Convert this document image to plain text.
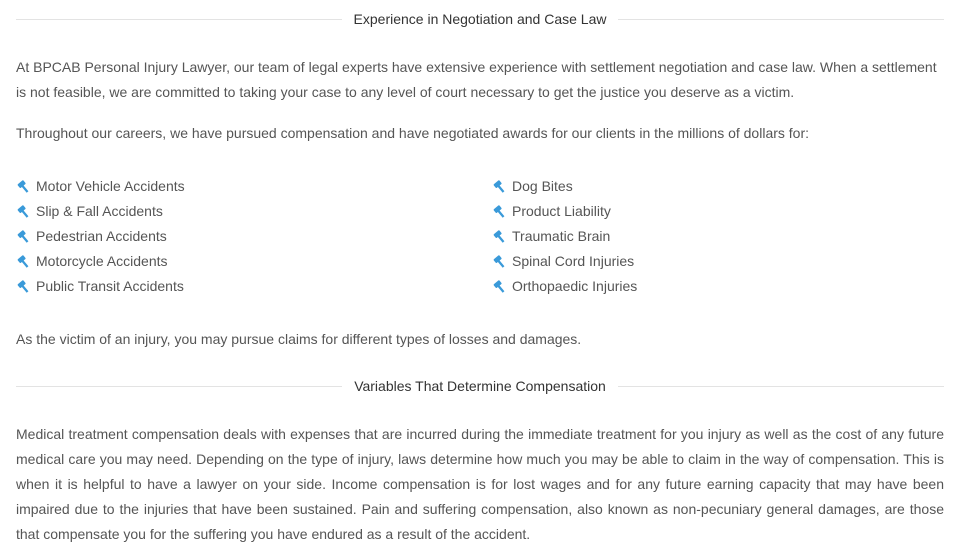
Experience in Negotiation and Case Law

At BPCAB Personal Injury Lawyer, our team of legal experts have extensive experience with settlement negotiation and case law. When a settlement is not feasible, we are committed to taking your case to any level of court necessary to get the justice you deserve as a victim.

Throughout our careers, we have pursued compensation and have negotiated awards for our clients in the millions of dollars for:

Motor Vehicle Accidents
Slip & Fall Accidents
Pedestrian Accidents
Motorcycle Accidents
Public Transit Accidents
Dog Bites
Product Liability
Traumatic Brain
Spinal Cord Injuries
Orthopaedic Injuries

As the victim of an injury, you may pursue claims for different types of losses and damages.

Variables That Determine Compensation

Medical treatment compensation deals with expenses that are incurred during the immediate treatment for you injury as well as the cost of any future medical care you may need. Depending on the type of injury, laws determine how much you may be able to claim in the way of compensation. This is when it is helpful to have a lawyer on your side. Income compensation is for lost wages and for any future earning capacity that may have been impaired due to the injuries that have been sustained. Pain and suffering compensation, also known as non-pecuniary general damages, are those that compensate you for the suffering you have endured as a result of the accident.
